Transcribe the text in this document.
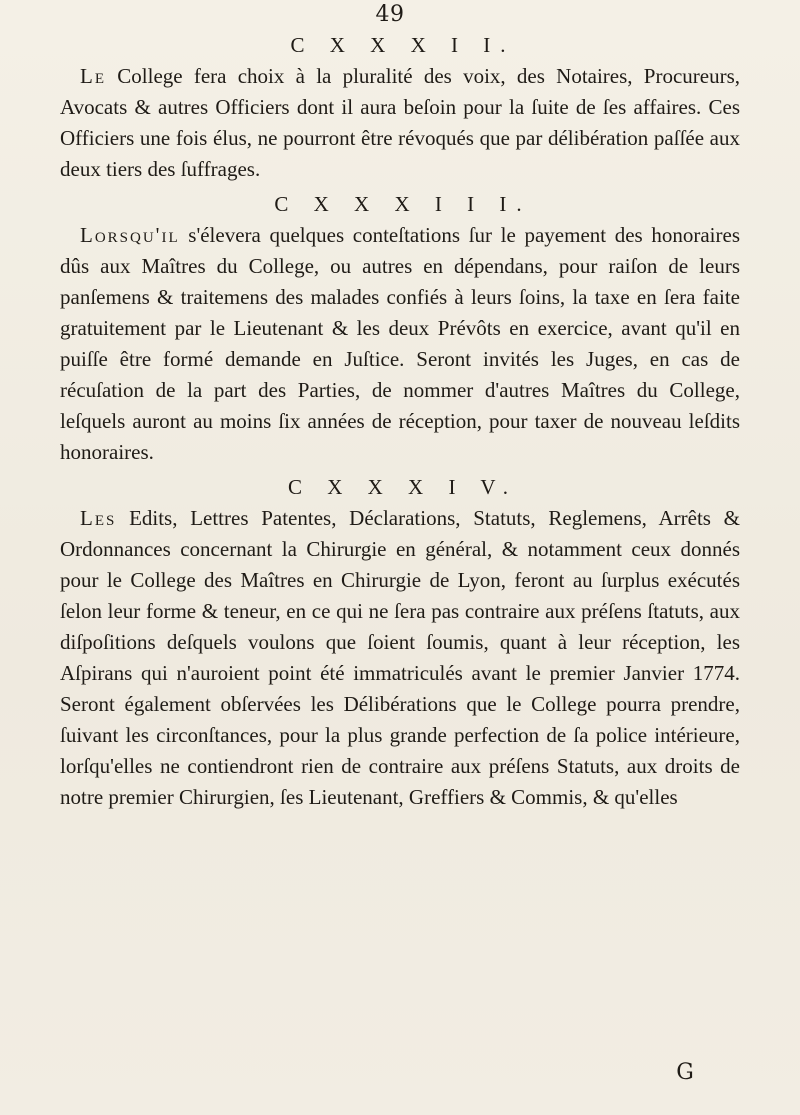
49

C X X X I I.

Le College fera choix à la pluralité des voix, des Notaires, Procureurs, Avocats & autres Officiers dont il aura beſoin pour la ſuite de ſes affaires. Ces Officiers une fois élus, ne pourront être révoqués que par délibération paſſée aux deux tiers des ſuffrages.

C X X X I I I.

Lorsqu'il s'élevera quelques conteſtations ſur le payement des honoraires dûs aux Maîtres du College, ou autres en dépendans, pour raiſon de leurs panſemens & traitemens des malades confiés à leurs ſoins, la taxe en ſera faite gratuitement par le Lieutenant & les deux Prévôts en exercice, avant qu'il en puiſſe être formé demande en Juſtice. Seront invités les Juges, en cas de récuſation de la part des Parties, de nommer d'autres Maîtres du College, leſquels auront au moins ſix années de réception, pour taxer de nouveau leſdits honoraires.

C X X X I V.

Les Edits, Lettres Patentes, Déclarations, Statuts, Reglemens, Arrêts & Ordonnances concernant la Chirurgie en général, & notamment ceux donnés pour le College des Maîtres en Chirurgie de Lyon, feront au ſurplus exécutés ſelon leur forme & teneur, en ce qui ne ſera pas contraire aux préſens ſtatuts, aux diſpoſitions deſquels voulons que ſoient ſoumis, quant à leur réception, les Aſpirans qui n'auroient point été immatriculés avant le premier Janvier 1774. Seront également obſervées les Délibérations que le College pourra prendre, ſuivant les circonſtances, pour la plus grande perfection de ſa police intérieure, lorſqu'elles ne contiendront rien de contraire aux préſens Statuts, aux droits de notre premier Chirurgien, ſes Lieutenant, Greffiers & Commis, & qu'elles

G
